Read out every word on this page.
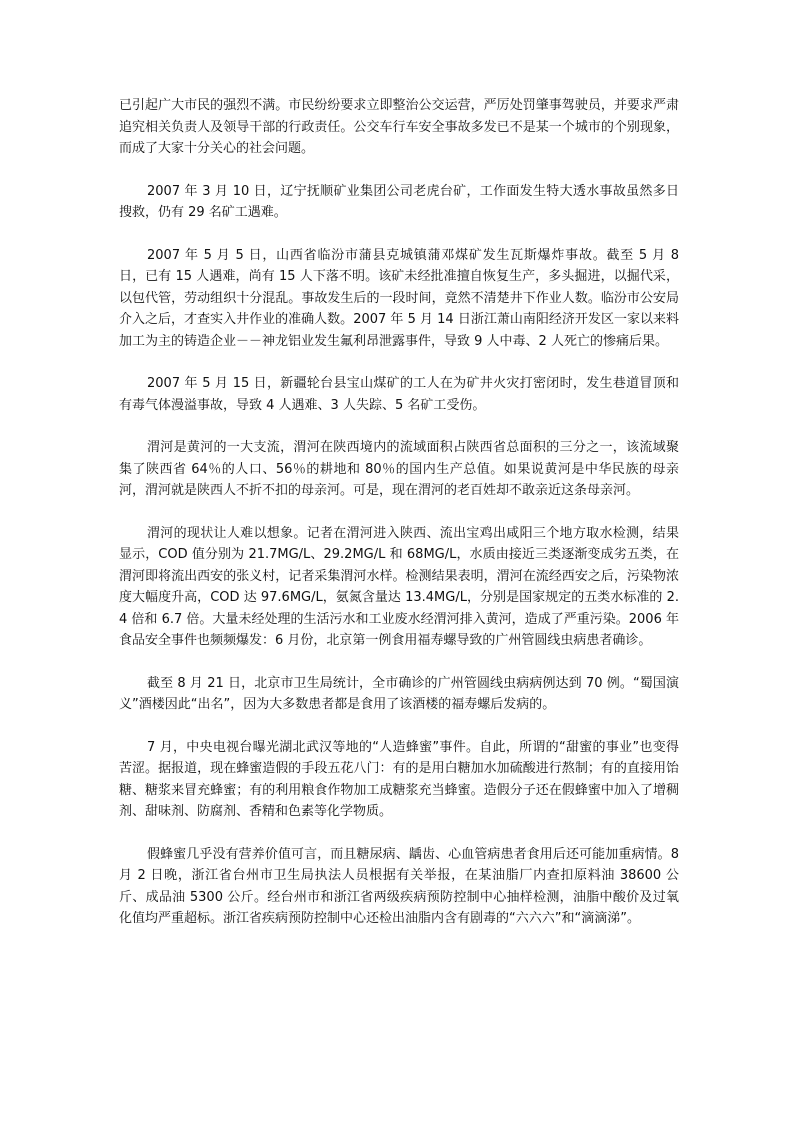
已引起广大市民的强烈不满。市民纷纷要求立即整治公交运营，严厉处罚肇事驾驶员，并要求严肃追究相关负责人及领导干部的行政责任。公交车行车安全事故多发已不是某一个城市的个别现象，而成了大家十分关心的社会问题。

2007 年 3 月 10 日，辽宁抚顺矿业集团公司老虎台矿，工作面发生特大透水事故虽然多日搜救，仍有 29 名矿工遇难。

2007 年 5 月 5 日，山西省临汾市蒲县克城镇蒲邓煤矿发生瓦斯爆炸事故。截至 5 月 8 日，已有 15 人遇难，尚有 15 人下落不明。该矿未经批准擅自恢复生产，多头掘进，以掘代采，以包代管，劳动组织十分混乱。事故发生后的一段时间，竟然不清楚井下作业人数。临汾市公安局介入之后，才查实入井作业的准确人数。2007 年 5 月 14 日浙江萧山南阳经济开发区一家以来料加工为主的铸造企业－－神龙铝业发生氟利昂泄露事件，导致 9 人中毒、2 人死亡的惨痛后果。

2007 年 5 月 15 日，新疆轮台县宝山煤矿的工人在为矿井火灾打密闭时，发生巷道冒顶和有毒气体漫溢事故，导致 4 人遇难、3 人失踪、5 名矿工受伤。

渭河是黄河的一大支流，渭河在陕西境内的流域面积占陕西省总面积的三分之一，该流域聚集了陕西省 64％的人口、56％的耕地和 80％的国内生产总值。如果说黄河是中华民族的母亲河，渭河就是陕西人不折不扣的母亲河。可是，现在渭河的老百姓却不敢亲近这条母亲河。

渭河的现状让人难以想象。记者在渭河进入陕西、流出宝鸡出咸阳三个地方取水检测，结果显示，COD 值分别为 21.7MG/L、29.2MG/L 和 68MG/L，水质由接近三类逐渐变成劣五类，在渭河即将流出西安的张义村，记者采集渭河水样。检测结果表明，渭河在流经西安之后，污染物浓度大幅度升高，COD 达 97.6MG/L，氨氮含量达 13.4MG/L，分别是国家规定的五类水标准的 2.4 倍和 6.7 倍。大量未经处理的生活污水和工业废水经渭河排入黄河，造成了严重污染。2006 年食品安全事件也频频爆发：6 月份，北京第一例食用福寿螺导致的广州管圆线虫病患者确诊。

截至 8 月 21 日，北京市卫生局统计，全市确诊的广州管圆线虫病病例达到 70 例。“蜀国演义”酒楼因此“出名”，因为大多数患者都是食用了该酒楼的福寿螺后发病的。

7 月，中央电视台曝光湖北武汉等地的“人造蜂蜜”事件。自此，所谓的“甜蜜的事业”也变得苦涩。据报道，现在蜂蜜造假的手段五花八门：有的是用白糖加水加硫酸进行熬制；有的直接用饴糖、糖浆来冒充蜂蜜；有的利用粮食作物加工成糖浆充当蜂蜜。造假分子还在假蜂蜜中加入了增稠剂、甜味剂、防腐剂、香精和色素等化学物质。

假蜂蜜几乎没有营养价值可言，而且糖尿病、龋齿、心血管病患者食用后还可能加重病情。8 月 2 日晚，浙江省台州市卫生局执法人员根据有关举报，在某油脂厂内查扣原料油 38600 公斤、成品油 5300 公斤。经台州市和浙江省两级疾病预防控制中心抽样检测，油脂中酸价及过氧化值均严重超标。浙江省疾病预防控制中心还检出油脂内含有剧毒的“六六六”和“滴滴涕”。
